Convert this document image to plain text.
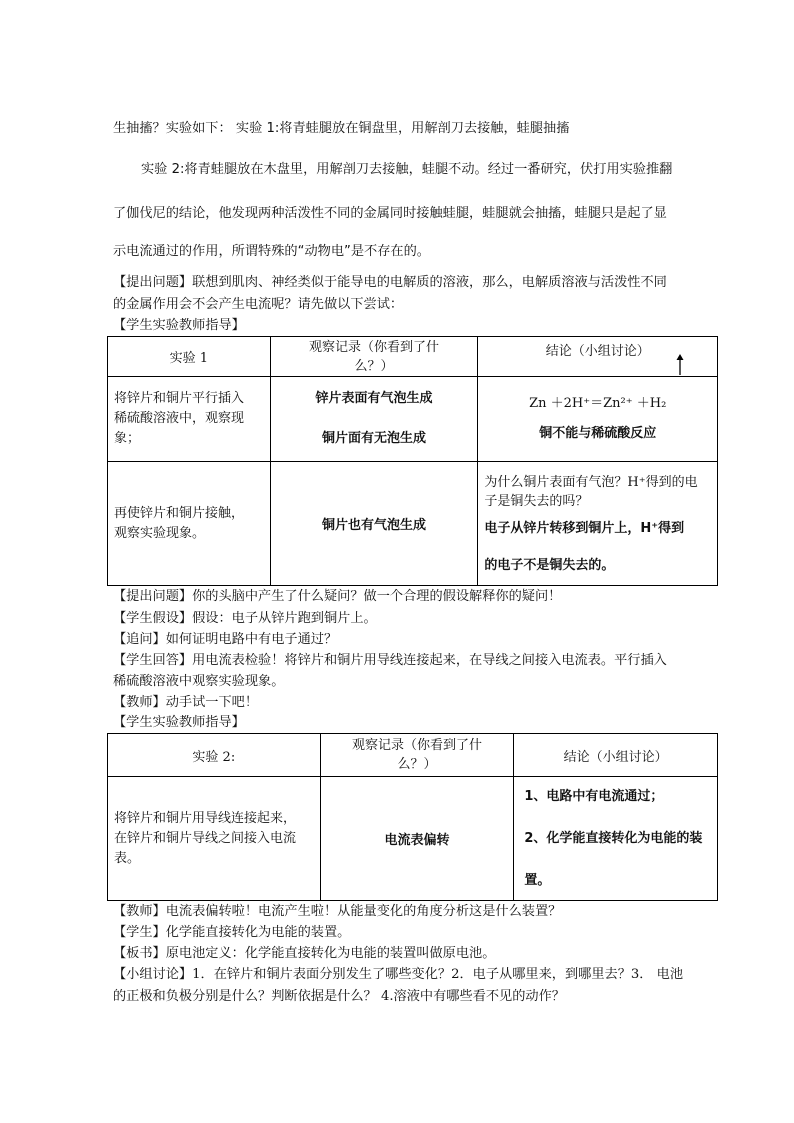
生抽搐？实验如下： 实验 1:将青蛙腿放在铜盘里，用解剖刀去接触，蛙腿抽搐
实验 2:将青蛙腿放在木盘里，用解剖刀去接触，蛙腿不动。经过一番研究，伏打用实验推翻
了伽伐尼的结论，他发现两种活泼性不同的金属同时接触蛙腿，蛙腿就会抽搐，蛙腿只是起了显
示电流通过的作用，所谓特殊的“动物电”是不存在的。
【提出问题】联想到肌肉、神经类似于能导电的电解质的溶液，那么，电解质溶液与活泼性不同
的金属作用会不会产生电流呢？请先做以下尝试：
【学生实验教师指导】
实验 1	观察记录（你看到了什
么？）	结论（小组讨论）

将锌片和铜片平行插入
稀硫酸溶液中，观察现
象；	锌片表面有气泡生成
铜片面有无泡生成	Zn ＋2H⁺＝Zn²⁺ ＋H₂
铜不能与稀硫酸反应

再使锌片和铜片接触，
观察实验现象。	铜片也有气泡生成	为什么铜片表面有气泡？H⁺得到的电
子是铜失去的吗？
电子从锌片转移到铜片上，H⁺得到
的电子不是铜失去的。
【提出问题】你的头脑中产生了什么疑问？做一个合理的假设解释你的疑问！
【学生假设】假设：电子从锌片跑到铜片上。
【追问】如何证明电路中有电子通过？
【学生回答】用电流表检验！将锌片和铜片用导线连接起来，在导线之间接入电流表。平行插入
稀硫酸溶液中观察实验现象。
【教师】动手试一下吧！
【学生实验教师指导】
实验 2:	观察记录（你看到了什
么？）	结论（小组讨论）

将锌片和铜片用导线连接起来，
在锌片和铜片导线之间接入电流
表。	电流表偏转	1、电路中有电流通过；
2、化学能直接转化为电能的装
置。
【教师】电流表偏转啦！电流产生啦！从能量变化的角度分析这是什么装置？
【学生】化学能直接转化为电能的装置。
【板书】原电池定义：化学能直接转化为电能的装置叫做原电池。
【小组讨论】1．在锌片和铜片表面分别发生了哪些变化？2．电子从哪里来，到哪里去？3． 电池
的正极和负极分别是什么？判断依据是什么？ 4.溶液中有哪些看不见的动作？
